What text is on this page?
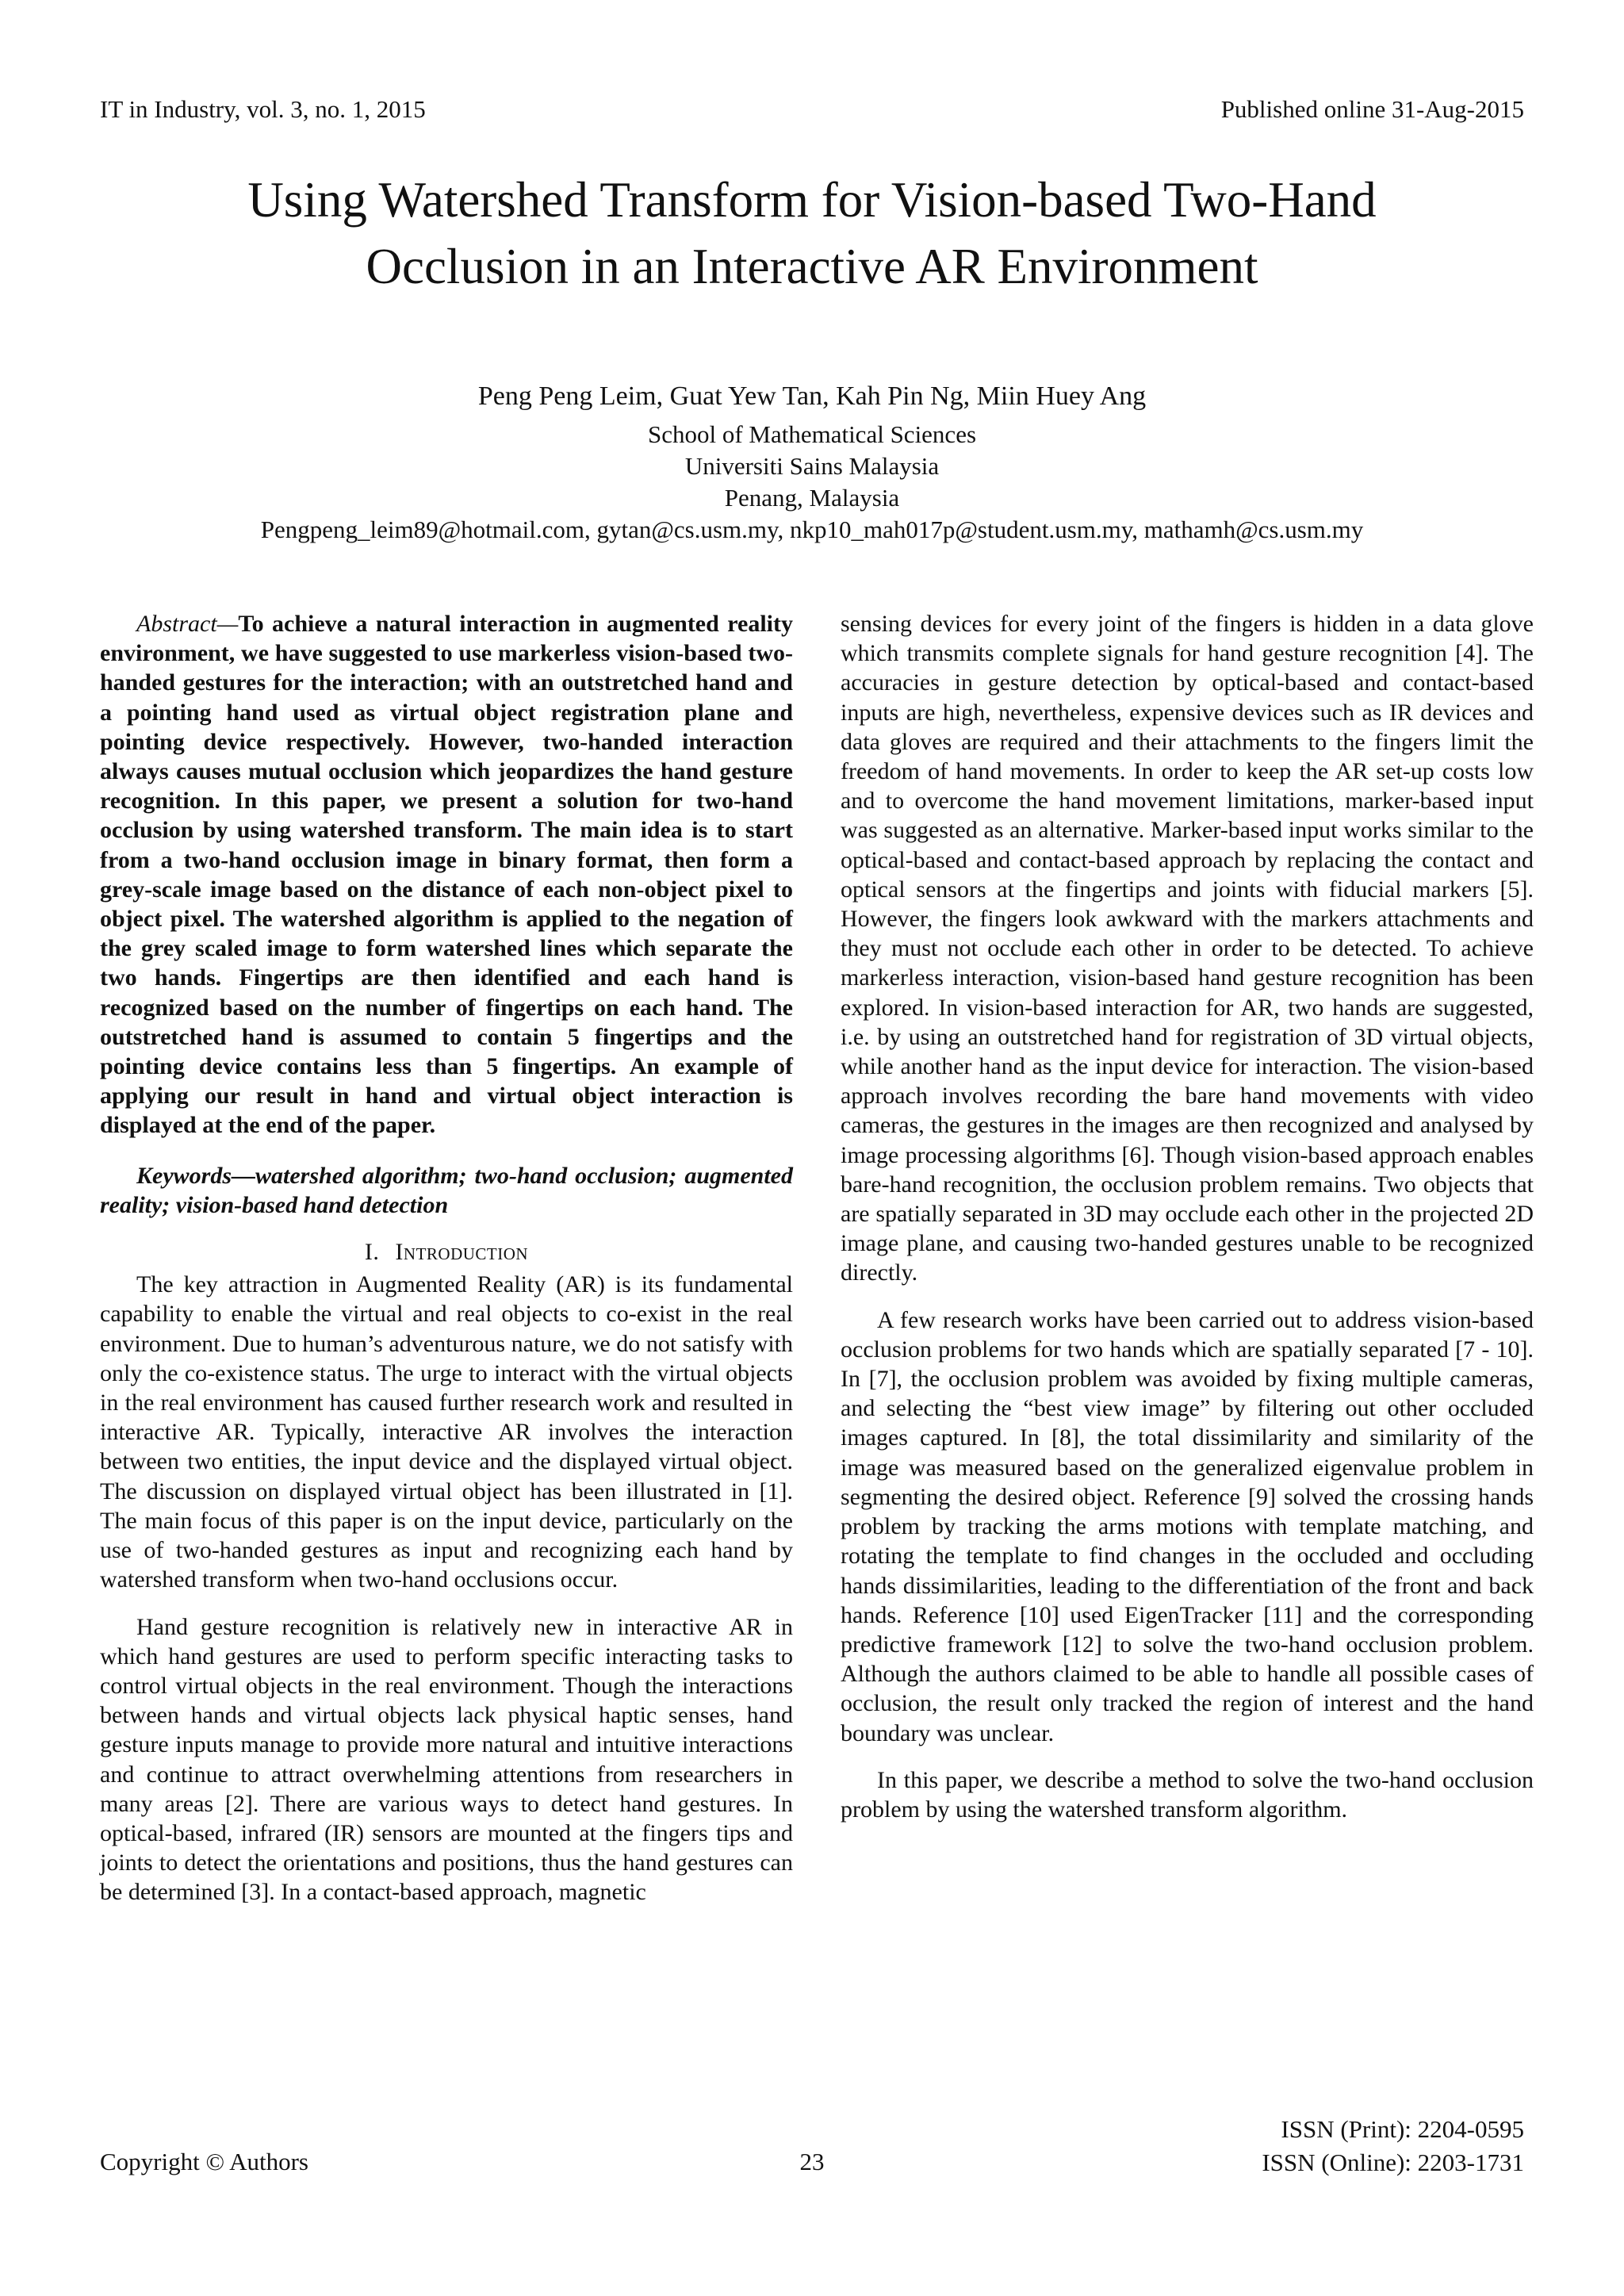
IT in Industry, vol. 3, no. 1, 2015	Published online 31-Aug-2015
Using Watershed Transform for Vision-based Two-Hand
Occlusion in an Interactive AR Environment
Peng Peng Leim, Guat Yew Tan, Kah Pin Ng, Miin Huey Ang
School of Mathematical Sciences
Universiti Sains Malaysia
Penang, Malaysia
Pengpeng_leim89@hotmail.com, gytan@cs.usm.my, nkp10_mah017p@student.usm.my, mathamh@cs.usm.my

Abstract—To achieve a natural interaction in augmented reality environment, we have suggested to use markerless vision-based two-handed gestures for the interaction; with an outstretched hand and a pointing hand used as virtual object registration plane and pointing device respectively. However, two-handed interaction always causes mutual occlusion which jeopardizes the hand gesture recognition. In this paper, we present a solution for two-hand occlusion by using watershed transform. The main idea is to start from a two-hand occlusion image in binary format, then form a grey-scale image based on the distance of each non-object pixel to object pixel. The watershed algorithm is applied to the negation of the grey scaled image to form watershed lines which separate the two hands. Fingertips are then identified and each hand is recognized based on the number of fingertips on each hand. The outstretched hand is assumed to contain 5 fingertips and the pointing device contains less than 5 fingertips. An example of applying our result in hand and virtual object interaction is displayed at the end of the paper.

Keywords—watershed algorithm; two-hand occlusion; augmented reality; vision-based hand detection

I. Introduction

The key attraction in Augmented Reality (AR) is its fundamental capability to enable the virtual and real objects to co-exist in the real environment. Due to human’s adventurous nature, we do not satisfy with only the co-existence status. The urge to interact with the virtual objects in the real environment has caused further research work and resulted in interactive AR. Typically, interactive AR involves the interaction between two entities, the input device and the displayed virtual object. The discussion on displayed virtual object has been illustrated in [1]. The main focus of this paper is on the input device, particularly on the use of two-handed gestures as input and recognizing each hand by watershed transform when two-hand occlusions occur.

Hand gesture recognition is relatively new in interactive AR in which hand gestures are used to perform specific interacting tasks to control virtual objects in the real environment. Though the interactions between hands and virtual objects lack physical haptic senses, hand gesture inputs manage to provide more natural and intuitive interactions and continue to attract overwhelming attentions from researchers in many areas [2]. There are various ways to detect hand gestures. In optical-based, infrared (IR) sensors are mounted at the fingers tips and joints to detect the orientations and positions, thus the hand gestures can be determined [3]. In a contact-based approach, magnetic

sensing devices for every joint of the fingers is hidden in a data glove which transmits complete signals for hand gesture recognition [4]. The accuracies in gesture detection by optical-based and contact-based inputs are high, nevertheless, expensive devices such as IR devices and data gloves are required and their attachments to the fingers limit the freedom of hand movements. In order to keep the AR set-up costs low and to overcome the hand movement limitations, marker-based input was suggested as an alternative. Marker-based input works similar to the optical-based and contact-based approach by replacing the contact and optical sensors at the fingertips and joints with fiducial markers [5]. However, the fingers look awkward with the markers attachments and they must not occlude each other in order to be detected. To achieve markerless interaction, vision-based hand gesture recognition has been explored. In vision-based interaction for AR, two hands are suggested, i.e. by using an outstretched hand for registration of 3D virtual objects, while another hand as the input device for interaction. The vision-based approach involves recording the bare hand movements with video cameras, the gestures in the images are then recognized and analysed by image processing algorithms [6]. Though vision-based approach enables bare-hand recognition, the occlusion problem remains. Two objects that are spatially separated in 3D may occlude each other in the projected 2D image plane, and causing two-handed gestures unable to be recognized directly.

A few research works have been carried out to address vision-based occlusion problems for two hands which are spatially separated [7 - 10]. In [7], the occlusion problem was avoided by fixing multiple cameras, and selecting the “best view image” by filtering out other occluded images captured. In [8], the total dissimilarity and similarity of the image was measured based on the generalized eigenvalue problem in segmenting the desired object. Reference [9] solved the crossing hands problem by tracking the arms motions with template matching, and rotating the template to find changes in the occluded and occluding hands dissimilarities, leading to the differentiation of the front and back hands. Reference [10] used EigenTracker [11] and the corresponding predictive framework [12] to solve the two-hand occlusion problem. Although the authors claimed to be able to handle all possible cases of occlusion, the result only tracked the region of interest and the hand boundary was unclear.

In this paper, we describe a method to solve the two-hand occlusion problem by using the watershed transform algorithm.

Copyright © Authors	23
ISSN (Print): 2204-0595
ISSN (Online): 2203-1731
